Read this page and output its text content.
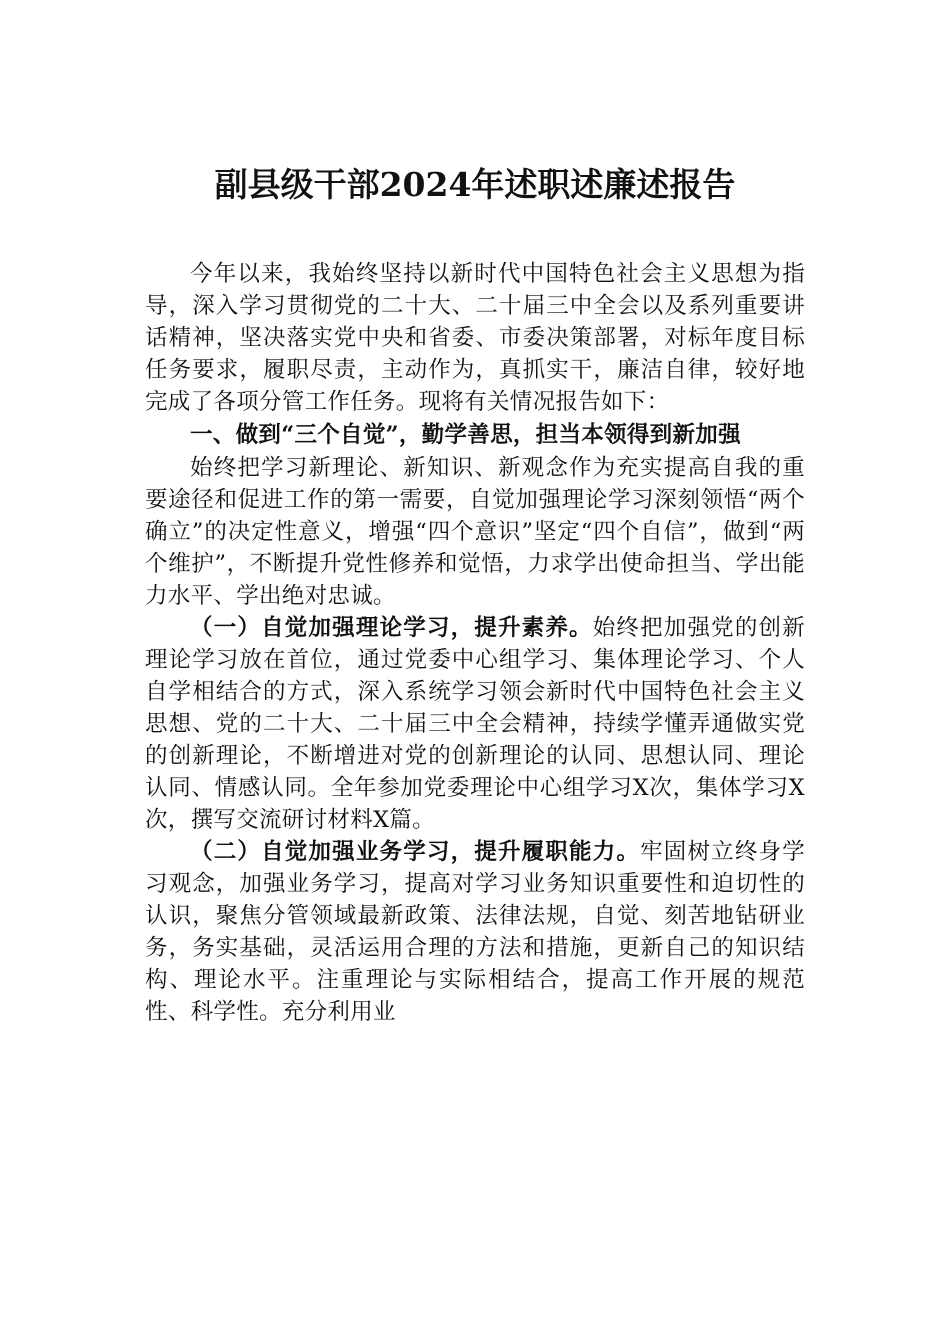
副县级干部2024年述职述廉述报告

今年以来，我始终坚持以新时代中国特色社会主义思想为指导，深入学习贯彻党的二十大、二十届三中全会以及系列重要讲话精神，坚决落实党中央和省委、市委决策部署，对标年度目标任务要求，履职尽责，主动作为，真抓实干，廉洁自律，较好地完成了各项分管工作任务。现将有关情况报告如下：

一、做到“三个自觉”，勤学善思，担当本领得到新加强

始终把学习新理论、新知识、新观念作为充实提高自我的重要途径和促进工作的第一需要，自觉加强理论学习深刻领悟“两个确立”的决定性意义，增强“四个意识”坚定“四个自信”，做到“两个维护”，不断提升党性修养和觉悟，力求学出使命担当、学出能力水平、学出绝对忠诚。

（一）自觉加强理论学习，提升素养。始终把加强党的创新理论学习放在首位，通过党委中心组学习、集体理论学习、个人自学相结合的方式，深入系统学习领会新时代中国特色社会主义思想、党的二十大、二十届三中全会精神，持续学懂弄通做实党的创新理论，不断增进对党的创新理论的认同、思想认同、理论认同、情感认同。全年参加党委理论中心组学习X次，集体学习X次，撰写交流研讨材料X篇。

（二）自觉加强业务学习，提升履职能力。牢固树立终身学习观念，加强业务学习，提高对学习业务知识重要性和迫切性的认识，聚焦分管领域最新政策、法律法规，自觉、刻苦地钻研业务，务实基础，灵活运用合理的方法和措施，更新自己的知识结构、理论水平。注重理论与实际相结合，提高工作开展的规范性、科学性。充分利用业
